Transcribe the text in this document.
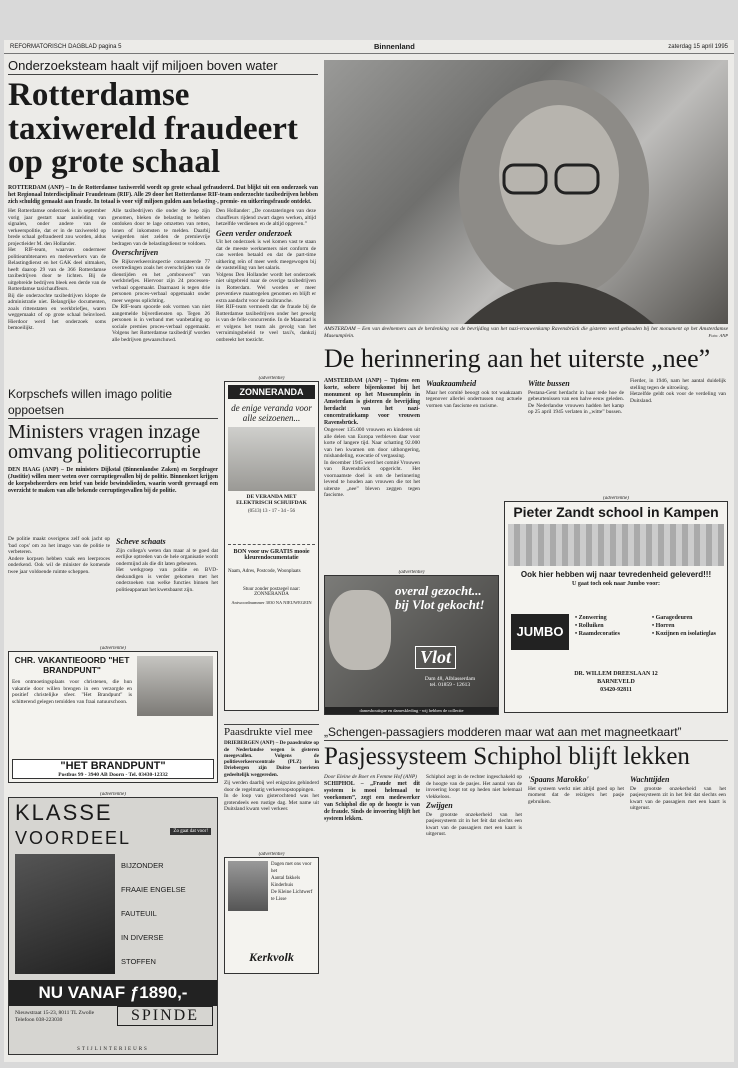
REFORMATORISCH DAGBLAD pagina 5	Binnenland	zaterdag 15 april 1995
Onderzoeksteam haalt vijf miljoen boven water
Rotterdamse taxiwereld fraudeert op grote schaal
ROTTERDAM (ANP) – In de Rotterdamse taxiwereld wordt op grote schaal gefraudeerd. Dat blijkt uit een onderzoek van het Regionaal Interdisciplinair Fraudeteam (RIF). Alle 29 door het Rotterdamse RIF-team onderzochte taxibedrijven hebben zich schuldig gemaakt aan fraude. In totaal is voor vijf miljoen gulden aan belasting-, premie- en uitkeringsfraude ontdekt.

Het Rotterdamse onderzoek is in september vorig jaar gestart naar aanleiding van signalen, onder andere van de verkeerspolitie, dat er in de taxiwereld op brede schaal gefraudeerd zou worden, aldus projectleider M. den Hollander.

Het RIF-team, waarvan ondermeer politieambtenaren en medewerkers van de Belastingdienst en het GAK deel uitmaken, heeft daarop 29 van de 366 Rotterdamse taxibedrijven door te lichten. Bij de uitgebreide bedrijven bleek een derde van de Rotterdamse taxichauffeurs.

Bij die onderzochte taxibedrijven klopte de administratie niet. Belangrijke documenten, zoals rittenstaten en werkbriefjes, waren weggemaakt of op grote schaal beïnvloed. Hierdoor werd het onderzoek soms bemoeilijkt.

Alle taxibedrijven die onder de loep zijn genomen, bleken de belasting te hebben ontdoken door te lage omzetten van retten, lonen of inkomsten te melden. Daarbij weigerden niet zelden de premievrije bedragen van de belastingdienst te voldoen.

Overschrijven

De Rijksverkeersinspectie constateerde 77 overtredingen zoals het overschrijden van de dienstijden en het „ombouwen” van werkbriefjes. Hiervoor zijn 24 processen-verbaal opgemaakt. Daarnaast is tegen drie personen proces-verbaal opgemaakt onder meer wegens oplichting.

De RIF-team spoorde ook vormen van niet aangemelde bijverdiensten op. Tegen 26 personen is in verband met wanbetaling op sociale premies proces-verbaal opgemaakt. Volgens het Rotterdamse taxibedrijf worden alle bedrijven gewaarschuwd.

Den Hollander: „De constateringen van deze chauffeurs rijdend zwart dagen werken, altijd hetzelfde verdienen en de altijd opgeven.”

Geen verder onderzoek

Uit het onderzoek is wel komen vast te staan dat de meeste werknemers niet conform de cao werden betaald en dat de part-time uitkering reïn of meer werk meegewogen bij de vaststelling van het salaris.

Volgens Den Hollander wordt het onderzoek niet uitgebreid naar de overige taxibedrijven in Rotterdam. Wel worden er meer preventieve maatregelen genomen en blijft er extra aandacht voor de taxibranche.

Het RIF-team vermoedt dat de fraude bij de Rotterdamse taxibedrijven onder het gewelg is van de felle concurrentie. In de Maasstad is er volgens het team als gevolg van het verruimingsbeleid te veel taxi's, dankzij ontbreekt het toezicht.

AMSTERDAM – Een van deelnemers aan de herdenking van de bevrijding van het nazi-vrouwenkamp Ravensbrück die gisteren werd gehouden bij het monument op het Amsterdamse Museumplein.	Foto: ANP
De herinnering aan het uiterste „nee”

AMSTERDAM (ANP) – Tijdens een korte, sobere bijeenkomst bij het monument op het Museumplein in Amsterdam is gisteren de bevrijding herdacht van het nazi-concentratiekamp voor vrouwen Ravensbrück.

Ongeveer 135.000 vrouwen en kinderen uit alle delen van Europa verbleven daar voor korte of langere tijd. Naar schatting 92.000 van hen kwamen om door uithongering, mishandeling, executie of vergassing.

In december 1945 werd het comité Vrouwen van Ravensbrück opgericht. Het voornaamste doel is om de herinnering levend te houden aan vrouwen die tot het uiterste „nee” bleven zeggen tegen fascisme.

Waakzaamheid

Maar het comité beoogt ook tot waakzaam tegenover allerlei ondertussen nog actuele vormen van fascisme en racisme.

Witte bussen

Pestana-Gent herdacht in haar rede hoe de gebeurtenissen van een halve eeuw geleden. De Nederlandse vrouwen hadden het kamp op 25 april 1945 verlaten in „witte” bussen.

Fierder, in 1946, nam het aantal duidelijk stelling tegen de uitroeiing.

Hetzelfde geldt ook voor de verdeling van Duitsland.

Korpschefs willen imago politie oppoetsen
Ministers vragen inzage omvang politiecorruptie
DEN HAAG (ANP) – De ministers Dijkstal (Binnenlandse Zaken) en Sorgdrager (Justitie) willen meer weten over corruptiegevallen bij de politie. Binnenkort krijgen de korpsbeheerders een brief van beide bewindslieden, waarin wordt gevraagd een overzicht te maken van alle bekende corruptiegevallen bij de politie.

De politie maakt overigens zelf ook jacht op 'bad cops' om zo het imago van de politie te verbeteren.

Andere korpsen hebben vaak een leerproces onderkend. Ook wil de minister de komende twee jaar voldoende ruimte scheppen.

Scheve schaats

Zijn collega's weten dan maar al te goed dat eerlijke optreden van de hele organisatie wordt ondermijnd als die dit laten gebeuren.

Het werkgroep van politie en BVD-deskundigen is verder gekomen met het onderzoeken van welke functies binnen het politieapparaat het kwetsbaarst zijn.

(advertentie)
ZONNERANDA
de enige veranda voor alle seizoenen...
DE VERANDA MET ELEKTRISCH SCHUIFDAK
(0513) 13 - 17 - 34 - 56
BON voor uw GRATIS mooie kleurendocumentatie
Naam, Adres, Postcode, Woonplaats
Stuur zonder postzegel naar: ZONNERANDA
Antwoordnummer 3030 NA NIEUWEGEIN
(advertentie)
CHR. VAKANTIEOORD "HET BRANDPUNT"
Een ontmoetingsplaats voor christenen, die hun vakantie door willen brengen in een verzorgde en positief christelijke sfeer. "Het Brandpunt" is schitterend gelegen temidden van fraai natuurschoon.
"HET BRANDPUNT"
Postbus 99 - 3940 AB Doorn - Tel. 03430-12332
(advertentie)
overal gezocht...
bij Vlot gekocht!
Vlot
Dam 48, Alblasserdam
tel. 01859 - 12613
damesboutique en dameskleding - wij hebben de collectie
(advertentie)
Pieter Zandt school in Kampen
Ook hier hebben wij naar tevredenheid geleverd!!!
U gaat toch ook naar Jumbo voor:
JUMBO
• Zonwering
• Rolluiken
• Raamdecoraties
• Garagedeuren
• Horren
• Kozijnen en isolatieglas
DR. WILLEM DREESLAAN 12
BARNEVELD
03420-92811
(advertentie)
KLASSE
VOORDEEL	Zo gaat dat voor!
BIJZONDER
FRAAIE ENGELSE
FAUTEUIL
IN DIVERSE
STOFFEN
NU VANAF ƒ1890,-
Nieuwstraat 15-23, 8011 TL Zwolle
Telefoon 038-223030	SPINDE
STIJLINTERIEURS
Paasdrukte viel mee
DRIEBERGEN (ANP) – De paasdrukte op de Nederlandse wegen is gisteren meegevallen. Volgens de politieverkeerscentrale (PLZ) in Driebergen zijn Duitse toeristen gedeeltelijk weggereden.
Zij werden daarbij wel enigszins gehinderd door de regelmatig verkeersopstoppingen.
In de loop van gisterochtend was het grotendeels een rustige dag. Met name uit Duitsland kwam veel verkeer.
(advertentie)
Dagen met ons voor het
Aantal fakkels
Kinderhuis
De Kleine Lichtwerf
te Lisse
Kerkvolk
„Schengen-passagiers modderen maar wat aan met magneetkaart”
Pasjessysteem Schiphol blijft lekken

Door Eleine de Boer en Femme Hof (ANP)

SCHIPHOL – „Fraude met dit systeem is mooi helemaal te voorkomen”, zegt een medewerker van Schiphol die op de hoogte is van de fraude. Sinds de invoering blijft het systeem lekken.

Schiphol zegt in de rechter ingeschakeld op de hoogte van de pasjes. Het aantal van de invoering loopt tot op heden niet helemaal vlekkeloos.

Zwijgen

De grootste onzekerheid van het pasjessysteem zit in het feit dat slechts een kwart van de passagiers met een kaart is uitgerust.

'Spaans Marokko'

Het systeem werkt niet altijd goed op het moment dat de reizigers het pasje gebruiken.

Wachttijden

De grootste onzekerheid van het pasjessysteem zit in het feit dat slechts een kwart van de passagiers met een kaart is uitgerust.
